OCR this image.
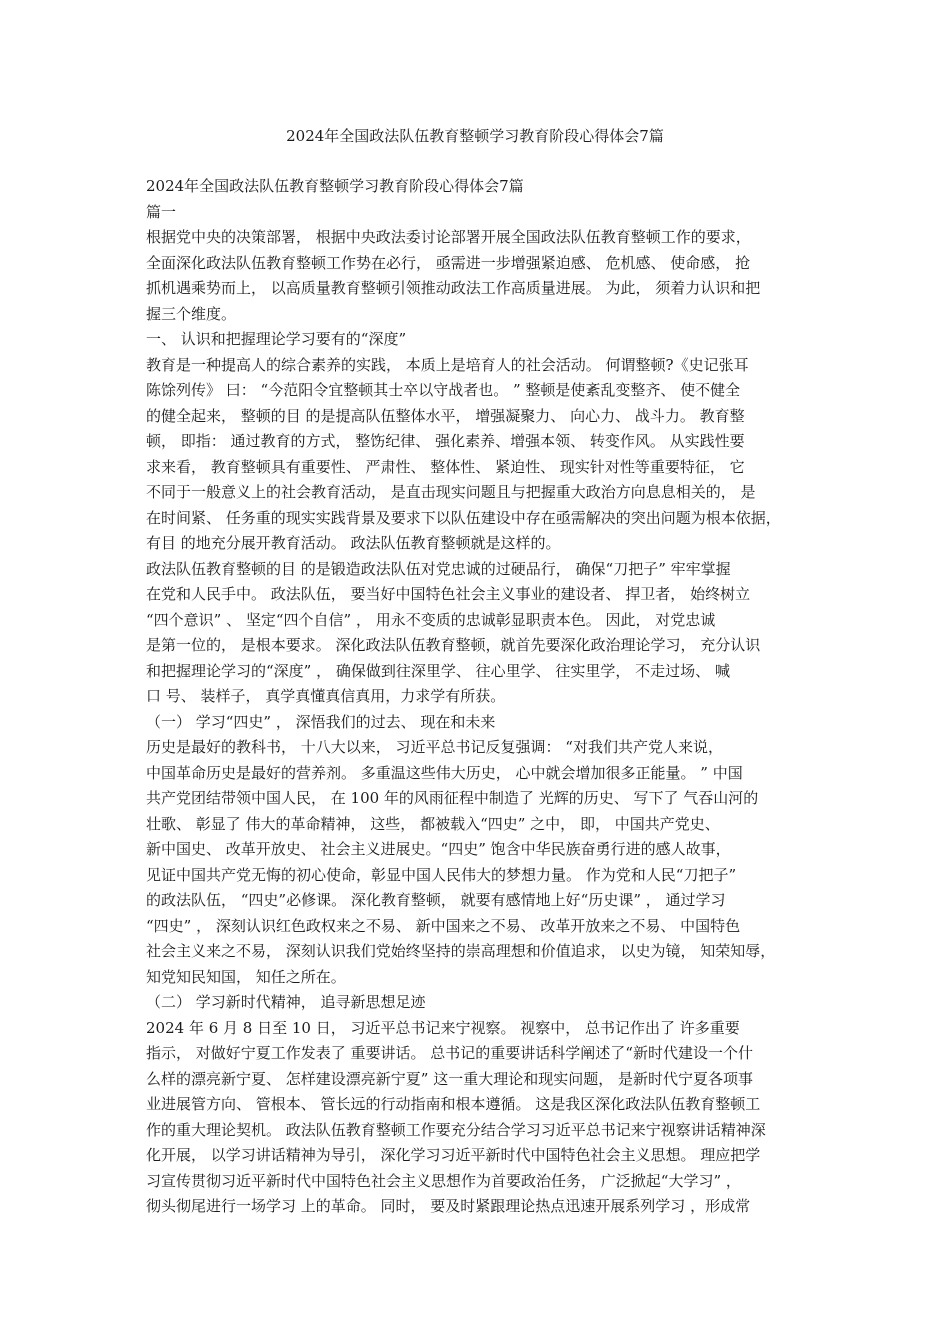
2024年全国政法队伍教育整顿学习教育阶段心得体会7篇
2024年全国政法队伍教育整顿学习教育阶段心得体会7篇
篇一
根据党中央的决策部署， 根据中央政法委讨论部署开展全国政法队伍教育整顿工作的要求，
全面深化政法队伍教育整顿工作势在必行， 亟需进一步增强紧迫感、 危机感、 使命感， 抢
抓机遇乘势而上， 以高质量教育整顿引领推动政法工作高质量进展。 为此， 须着力认识和把
握三个维度。
一、 认识和把握理论学习要有的“深度”
教育是一种提高人的综合素养的实践， 本质上是培育人的社会活动。 何谓整顿?《史记张耳
陈馀列传》 曰： “今范阳令宜整顿其士卒以守战者也。 ” 整顿是使紊乱变整齐、 使不健全
的健全起来， 整顿的目 的是提高队伍整体水平， 增强凝聚力、 向心力、 战斗力。 教育整
顿， 即指： 通过教育的方式， 整饬纪律、 强化素养、增强本领、 转变作风。 从实践性要
求来看， 教育整顿具有重要性、 严肃性、 整体性、 紧迫性、 现实针对性等重要特征， 它
不同于一般意义上的社会教育活动， 是直击现实问题且与把握重大政治方向息息相关的， 是
在时间紧、 任务重的现实实践背景及要求下以队伍建设中存在亟需解决的突出问题为根本依据，
有目 的地充分展开教育活动。 政法队伍教育整顿就是这样的。
政法队伍教育整顿的目 的是锻造政法队伍对党忠诚的过硬品行， 确保“刀把子” 牢牢掌握
在党和人民手中。 政法队伍， 要当好中国特色社会主义事业的建设者、 捍卫者， 始终树立
“四个意识” 、 坚定“四个自信” ， 用永不变质的忠诚彰显职责本色。 因此， 对党忠诚
是第一位的， 是根本要求。 深化政法队伍教育整顿，就首先要深化政治理论学习， 充分认识
和把握理论学习的“深度” ， 确保做到往深里学、 往心里学、 往实里学， 不走过场、 喊
口 号、 装样子， 真学真懂真信真用，力求学有所获。
（一） 学习“四史” ， 深悟我们的过去、 现在和未来
历史是最好的教科书， 十八大以来， 习近平总书记反复强调： “对我们共产党人来说，
中国革命历史是最好的营养剂。 多重温这些伟大历史， 心中就会增加很多正能量。 ” 中国
共产党团结带领中国人民， 在 100 年的风雨征程中制造了 光辉的历史、 写下了 气吞山河的
壮歌、 彰显了 伟大的革命精神， 这些， 都被载入“四史” 之中， 即， 中国共产党史、
新中国史、 改革开放史、 社会主义进展史。“四史” 饱含中华民族奋勇行进的感人故事，
见证中国共产党无悔的初心使命，彰显中国人民伟大的梦想力量。 作为党和人民“刀把子”
的政法队伍， “四史”必修课。 深化教育整顿， 就要有感情地上好“历史课” ， 通过学习
“四史” ， 深刻认识红色政权来之不易、 新中国来之不易、 改革开放来之不易、 中国特色
社会主义来之不易， 深刻认识我们党始终坚持的崇高理想和价值追求， 以史为镜， 知荣知辱，
知党知民知国， 知任之所在。
（二） 学习新时代精神， 追寻新思想足迹
2024 年 6 月 8 日至 10 日， 习近平总书记来宁视察。 视察中， 总书记作出了 许多重要
指示， 对做好宁夏工作发表了 重要讲话。 总书记的重要讲话科学阐述了“新时代建设一个什
么样的漂亮新宁夏、 怎样建设漂亮新宁夏” 这一重大理论和现实问题， 是新时代宁夏各项事
业进展管方向、 管根本、 管长远的行动指南和根本遵循。 这是我区深化政法队伍教育整顿工
作的重大理论契机。 政法队伍教育整顿工作要充分结合学习习近平总书记来宁视察讲话精神深
化开展， 以学习讲话精神为导引， 深化学习习近平新时代中国特色社会主义思想。 理应把学
习宣传贯彻习近平新时代中国特色社会主义思想作为首要政治任务， 广泛掀起“大学习” ，
彻头彻尾进行一场学习 上的革命。 同时， 要及时紧跟理论热点迅速开展系列学习 ，形成常
